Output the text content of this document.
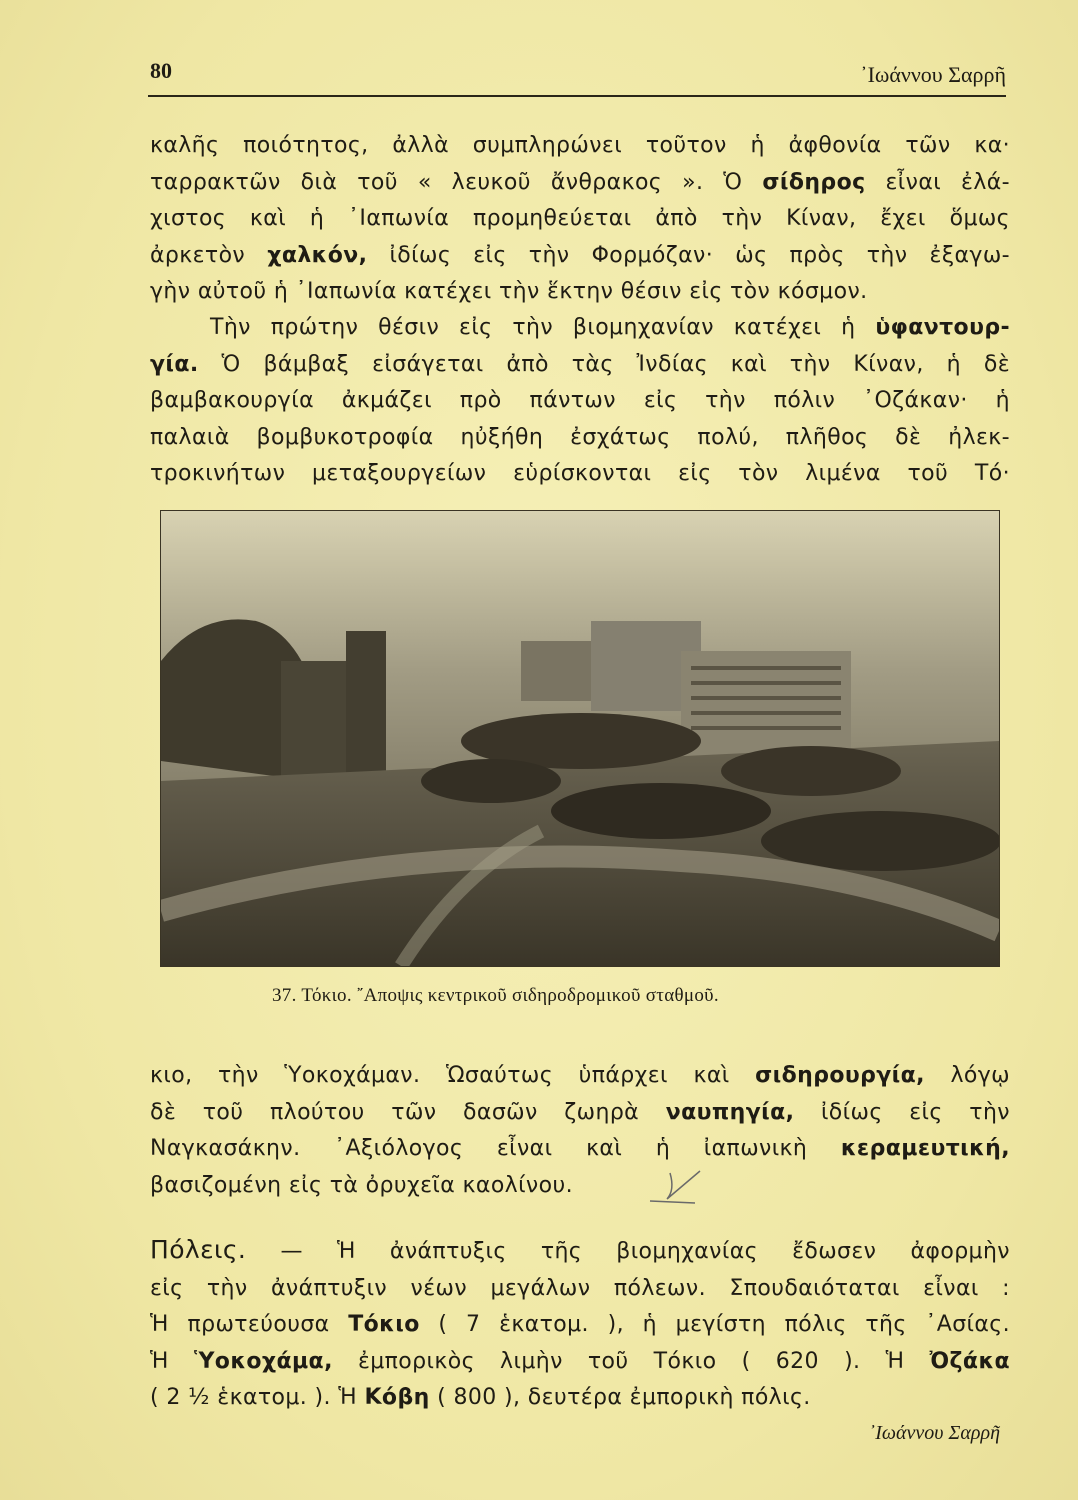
80	᾿Ιωάννου Σαρρῆ

καλῆς ποιότητος, ἀλλὰ συμπληρώνει τοῦτον ἡ ἀφθονία τῶν κα·

ταρρακτῶν διὰ τοῦ « λευκοῦ ἄνθρακος ». Ὁ σίδηρος εἶναι ἐλά-

χιστος καὶ ἡ ᾿Ιαπωνία προμηθεύεται ἀπὸ τὴν Κίναν, ἔχει ὅμως

ἀρκετὸν χαλκόν, ἰδίως εἰς τὴν Φορμόζαν· ὡς πρὸς τὴν ἐξαγω-

γὴν αὐτοῦ ἡ ᾿Ιαπωνία κατέχει τὴν ἕκτην θέσιν εἰς τὸν κόσμον.

Τὴν πρώτην θέσιν εἰς τὴν βιομηχανίαν κατέχει ἡ ὑφαντουρ-

γία. Ὁ βάμβαξ εἰσάγεται ἀπὸ τὰς Ἰνδίας καὶ τὴν Κίναν, ἡ δὲ

βαμβακουργία ἀκμάζει πρὸ πάντων εἰς τὴν πόλιν ᾿Οζάκαν· ἡ

παλαιὰ βομβυκοτροφία ηὐξήθη ἐσχάτως πολύ, πλῆθος δὲ ἠλεκ-

τροκινήτων μεταξουργείων εὑρίσκονται εἰς τὸν λιμένα τοῦ Τό·

37. Τόκιο. ῎Αποψις κεντρικοῦ σιδηροδρομικοῦ σταθμοῦ.

κιο, τὴν Ὑοκοχάμαν. Ὡσαύτως ὑπάρχει καὶ σιδηρουργία, λόγῳ

δὲ τοῦ πλούτου τῶν δασῶν ζωηρὰ ναυπηγία, ἰδίως εἰς τὴν

Ναγκασάκην. ᾿Αξιόλογος εἶναι καὶ ἡ ἰαπωνικὴ κεραμευτική,

βασιζομένη εἰς τὰ ὀρυχεῖα καολίνου.

Πόλεις. — Ἡ ἀνάπτυξις τῆς βιομηχανίας ἔδωσεν ἀφορμὴν

εἰς τὴν ἀνάπτυξιν νέων μεγάλων πόλεων. Σπουδαιόταται εἶναι :

Ἡ πρωτεύουσα Τόκιο ( 7 ἑκατομ. ), ἡ μεγίστη πόλις τῆς ᾿Ασίας.

Ἡ Ὑοκοχάμα, ἐμπορικὸς λιμὴν τοῦ Τόκιο ( 620 ). Ἡ Ὀζάκα

( 2 ½ ἑκατομ. ). Ἡ Κόβη ( 800 ), δευτέρα ἐμπορικὴ πόλις.

᾿Ιωάννου Σαρρῆ
